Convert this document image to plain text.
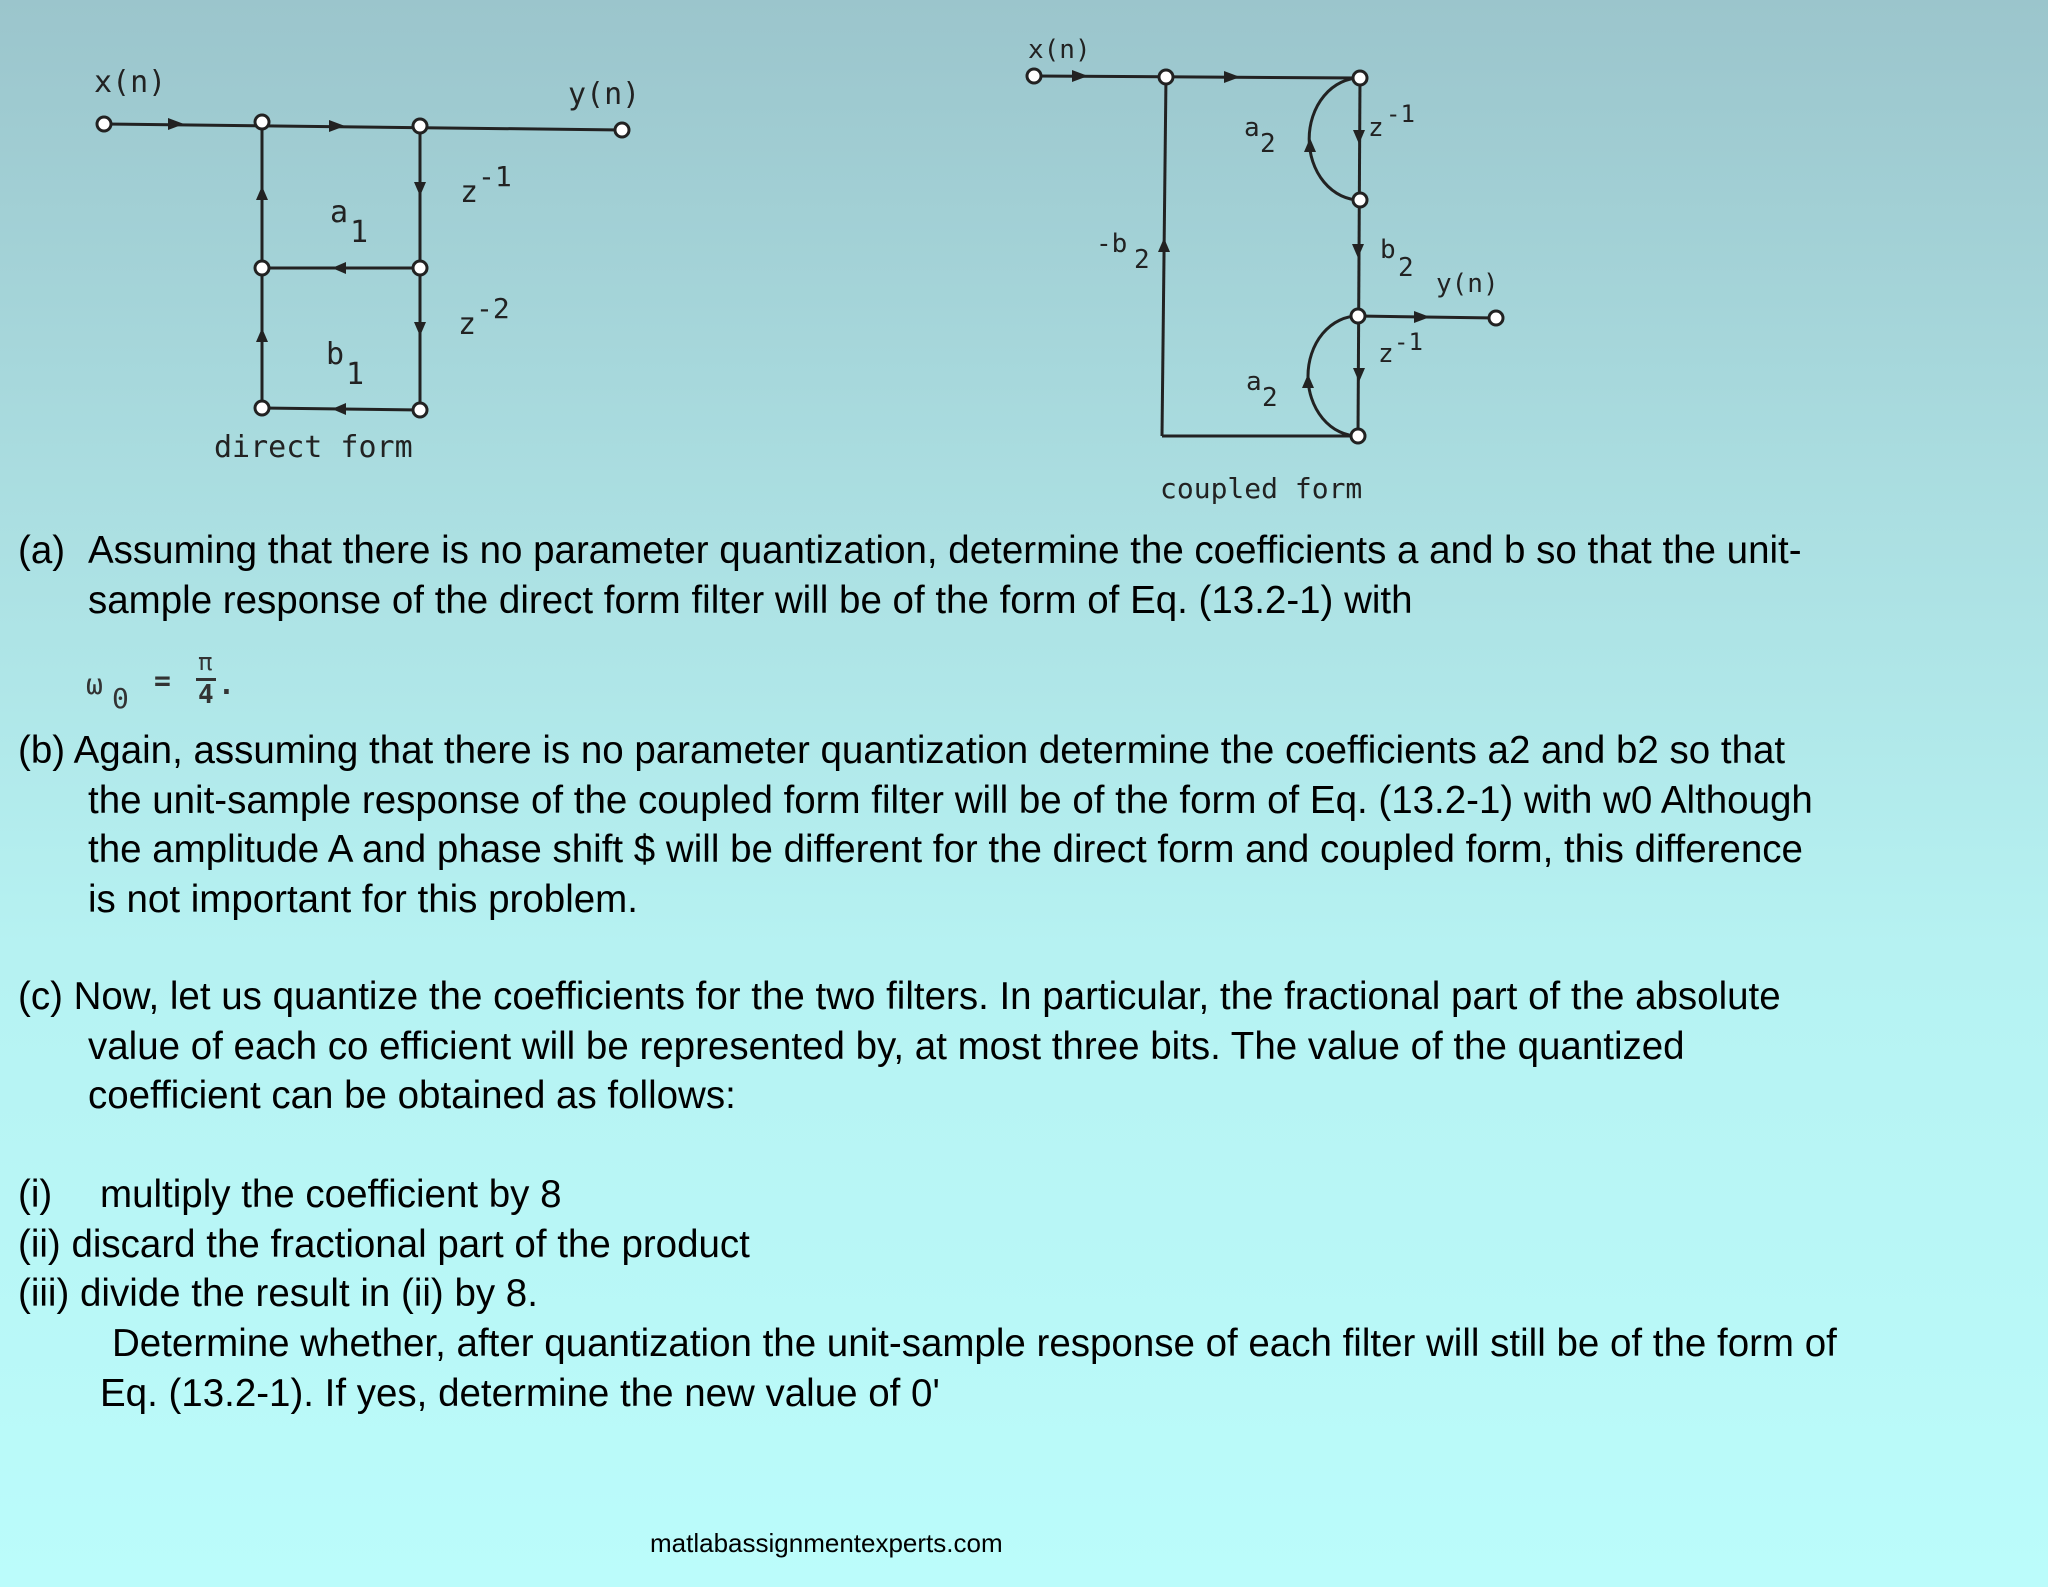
x(n)	y(n)
a
1
b
1
z -1
z -2
direct form
x(n)
y(n)
a
2
z -1
-b
2	b
2
z -1
a
2
coupled form
(a) Assuming that there is no parameter quantization, determine the coefficients a and b so that the unit-
sample response of the direct form filter will be of the form of Eq. (13.2-1) with
ω 0
=
π
4 .
(b) Again, assuming that there is no parameter quantization determine the coefficients a2 and b2 so that
the unit-sample response of the coupled form filter will be of the form of Eq. (13.2-1) with w0 Although
the amplitude A and phase shift $ will be different for the direct form and coupled form, this difference
is not important for this problem.
(c) Now, let us quantize the coefficients for the two filters. In particular, the fractional part of the absolute
value of each co efficient will be represented by, at most three bits. The value of the quantized
coefficient can be obtained as follows:
(i) multiply the coefficient by 8
(ii) discard the fractional part of the product
(iii) divide the result in (ii) by 8.
Determine whether, after quantization the unit-sample response of each filter will still be of the form of
Eq. (13.2-1). If yes, determine the new value of 0'
matlabassignmentexperts.com
